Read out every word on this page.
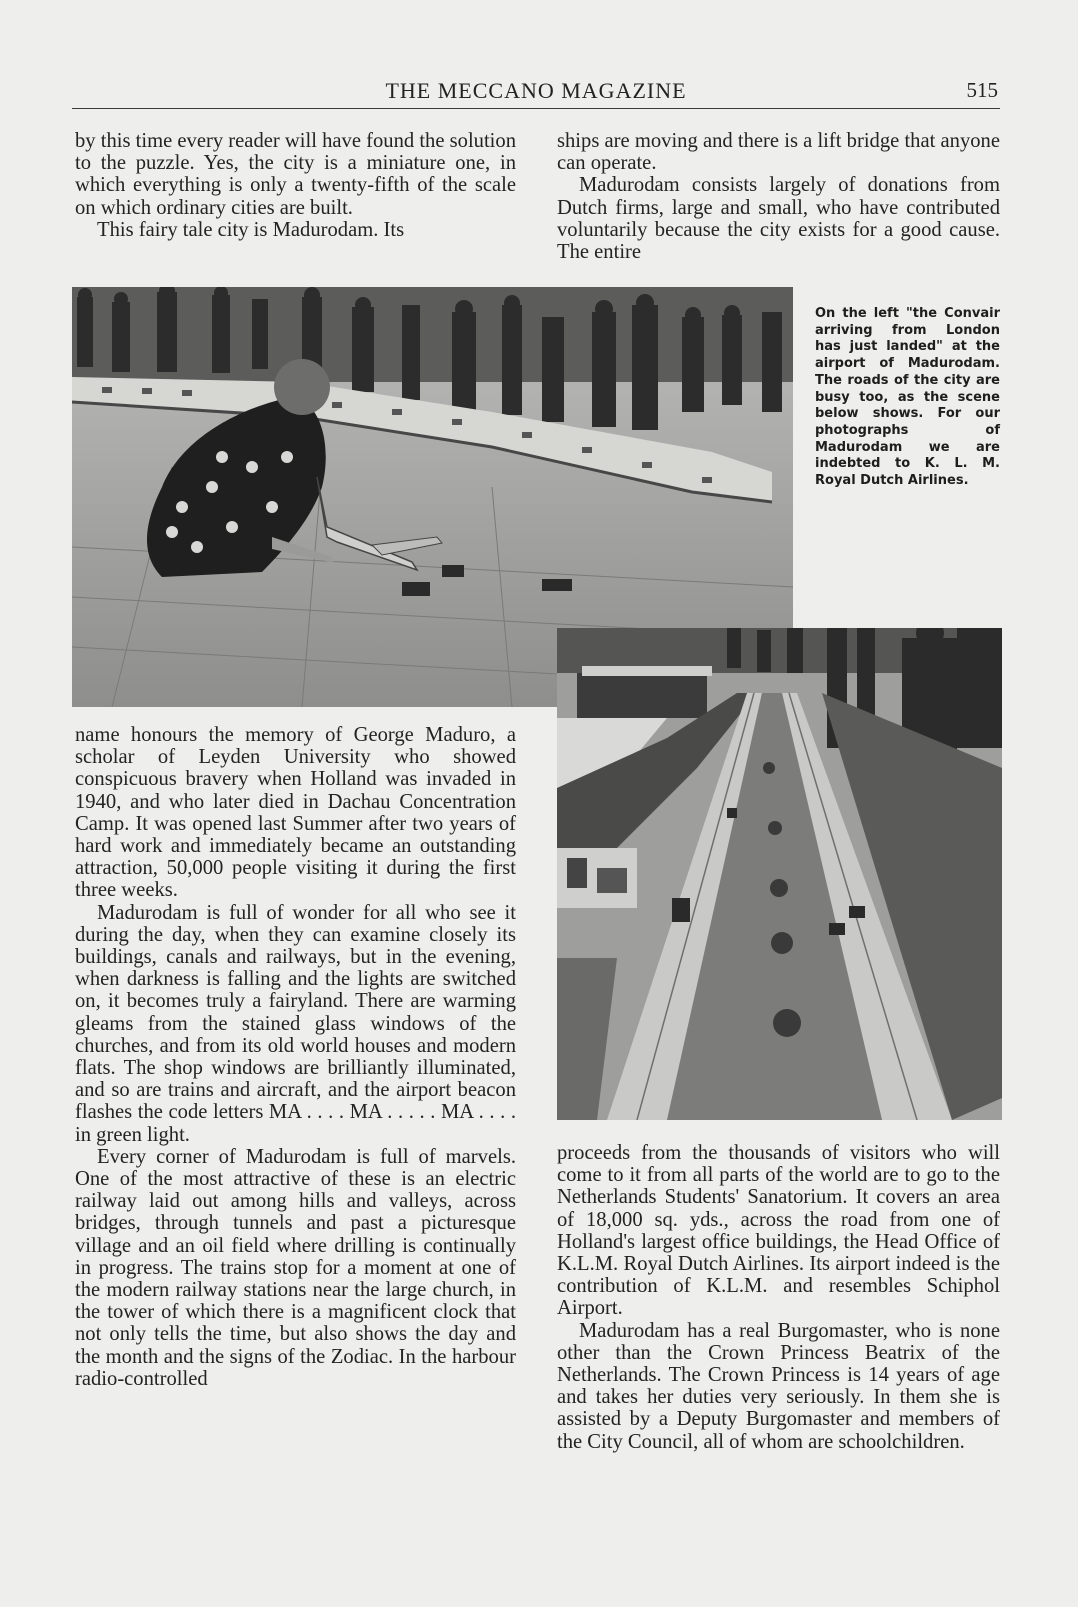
THE MECCANO MAGAZINE	515

by this time every reader will have found the solution to the puzzle. Yes, the city is a miniature one, in which everything is only a twenty-fifth of the scale on which ordinary cities are built.

This fairy tale city is Madurodam. Its

ships are moving and there is a lift bridge that anyone can operate.

Madurodam consists largely of donations from Dutch firms, large and small, who have contributed voluntarily because the city exists for a good cause. The entire

On the left "the Convair arriving from London has just landed" at the airport of Madurodam. The roads of the city are busy too, as the scene below shows. For our photographs of Madurodam we are indebted to K. L. M. Royal Dutch Airlines.

name honours the memory of George Maduro, a scholar of Leyden University who showed conspicuous bravery when Holland was invaded in 1940, and who later died in Dachau Concentration Camp. It was opened last Summer after two years of hard work and immediately became an outstanding attraction, 50,000 people visiting it during the first three weeks.

Madurodam is full of wonder for all who see it during the day, when they can examine closely its buildings, canals and railways, but in the evening, when darkness is falling and the lights are switched on, it becomes truly a fairyland. There are warming gleams from the stained glass windows of the churches, and from its old world houses and modern flats. The shop windows are brilliantly illuminated, and so are trains and aircraft, and the airport beacon flashes the code letters MA . . . . MA . . . . . MA . . . . in green light.

Every corner of Madurodam is full of marvels. One of the most attractive of these is an electric railway laid out among hills and valleys, across bridges, through tunnels and past a picturesque village and an oil field where drilling is continually in progress. The trains stop for a moment at one of the modern railway stations near the large church, in the tower of which there is a magnificent clock that not only tells the time, but also shows the day and the month and the signs of the Zodiac. In the harbour radio-controlled

proceeds from the thousands of visitors who will come to it from all parts of the world are to go to the Netherlands Students' Sanatorium. It covers an area of 18,000 sq. yds., across the road from one of Holland's largest office buildings, the Head Office of K.L.M. Royal Dutch Airlines. Its airport indeed is the contribution of K.L.M. and resembles Schiphol Airport.

Madurodam has a real Burgomaster, who is none other than the Crown Princess Beatrix of the Netherlands. The Crown Princess is 14 years of age and takes her duties very seriously. In them she is assisted by a Deputy Burgomaster and members of the City Council, all of whom are schoolchildren.
